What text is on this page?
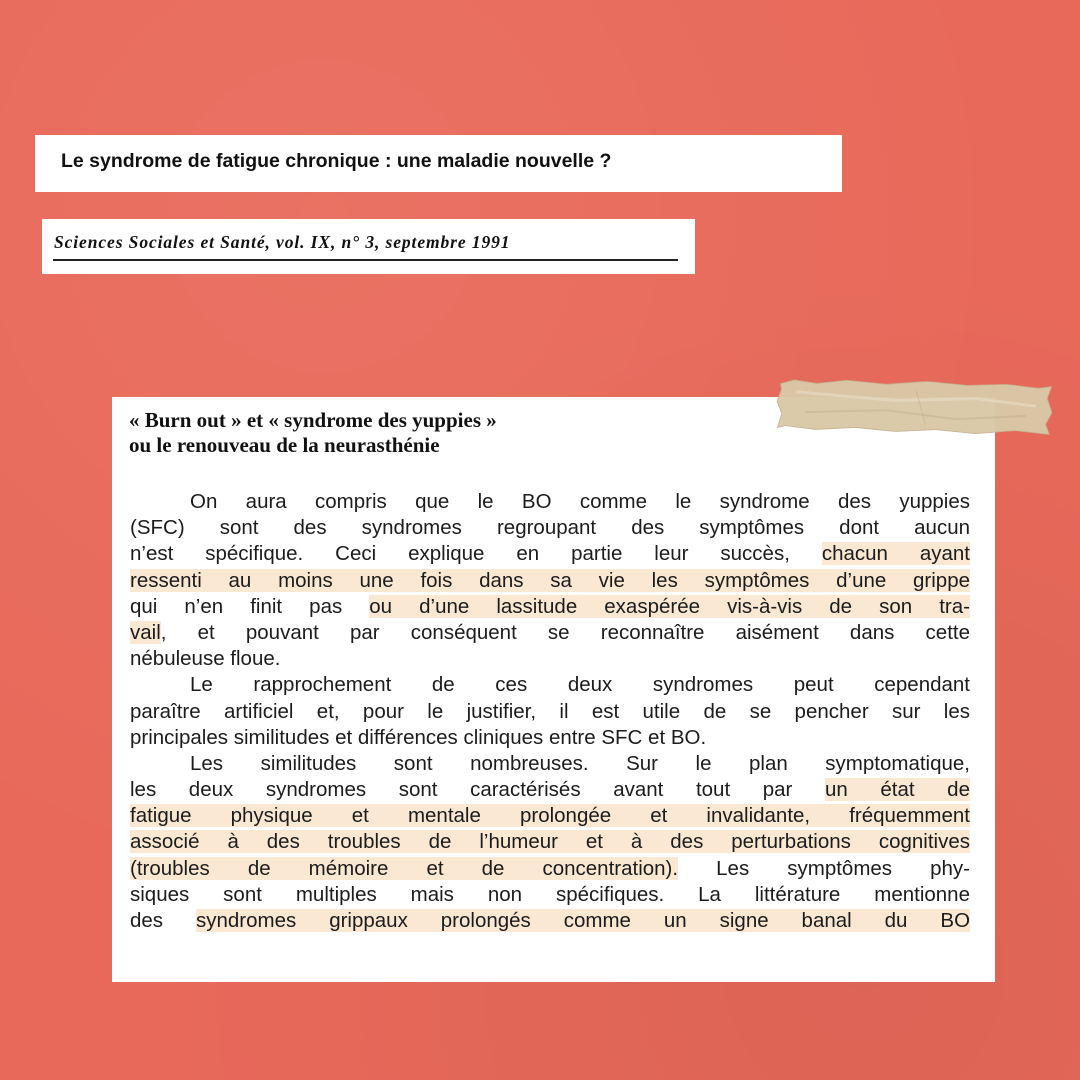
Le syndrome de fatigue chronique : une maladie nouvelle ?
Sciences Sociales et Santé, vol. IX, n° 3, septembre 1991
« Burn out » et « syndrome des yuppies »
ou le renouveau de la neurasthénie
On aura compris que le BO comme le syndrome des yuppies
(SFC) sont des syndromes regroupant des symptômes dont aucun
n’est spécifique. Ceci explique en partie leur succès, chacun ayant
ressenti au moins une fois dans sa vie les symptômes d’une grippe
qui n’en finit pas ou d’une lassitude exaspérée vis-à-vis de son tra-
vail, et pouvant par conséquent se reconnaître aisément dans cette
nébuleuse floue.
Le rapprochement de ces deux syndromes peut cependant
paraître artificiel et, pour le justifier, il est utile de se pencher sur les
principales similitudes et différences cliniques entre SFC et BO.
Les similitudes sont nombreuses. Sur le plan symptomatique,
les deux syndromes sont caractérisés avant tout par un état de
fatigue physique et mentale prolongée et invalidante, fréquemment
associé à des troubles de l’humeur et à des perturbations cognitives
(troubles de mémoire et de concentration). Les symptômes phy-
siques sont multiples mais non spécifiques. La littérature mentionne
des syndromes grippaux prolongés comme un signe banal du BO
